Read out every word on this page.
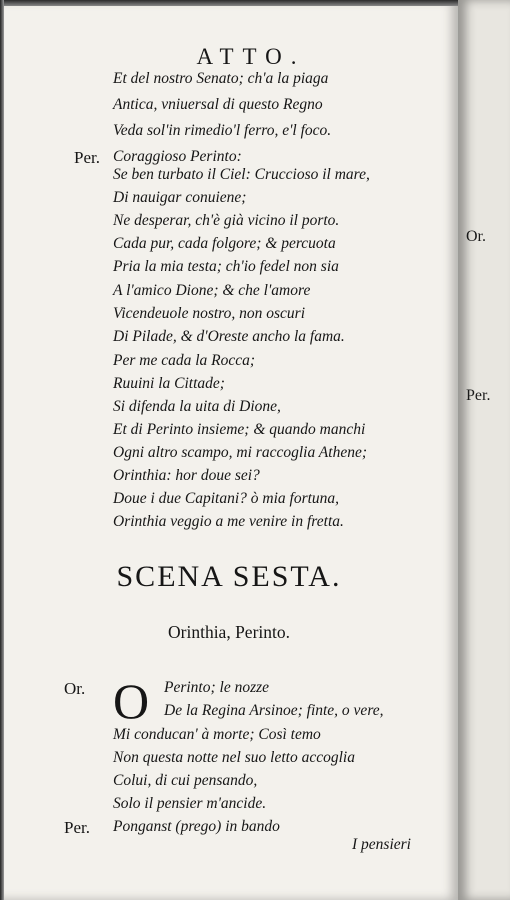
ATTO.
Et del nostro Senato; ch'a la piaga
Antica, vniuersal di questo Regno
Veda sol'in rimedio'l ferro, e'l foco.
Per. Coraggioso Perinto:
Se ben turbato il Ciel: Cruccioso il mare,
Di nauigar conuiene;
Ne desperar, ch'è già vicino il porto.
Cada pur, cada folgore; & percuota
Pria la mia testa; ch'io fedel non sia
A l'amico Dione; & che l'amore
Vicendeuole nostro, non oscuri
Di Pilade, & d'Oreste ancho la fama.
Per me cada la Rocca;
Ruuini la Cittade;
Si difenda la uita di Dione,
Et di Perinto insieme; & quando manchi
Ogni altro scampo, mi raccoglia Athene;
Orinthia: hor doue sei?
Doue i due Capitani? ò mia fortuna,
Orinthia veggio a me venire in fretta.
SCENA SESTA.
Orinthia, Perinto.
Or. O Perinto; le nozze
De la Regina Arsinoe; finte, o vere,
Mi conducan' à morte; Così temo
Non questa notte nel suo letto accoglia
Colui, di cui pensando,
Solo il pensier m'ancide.
Per. Ponganst (prego) in bando
I pensieri
Or.
Per.
